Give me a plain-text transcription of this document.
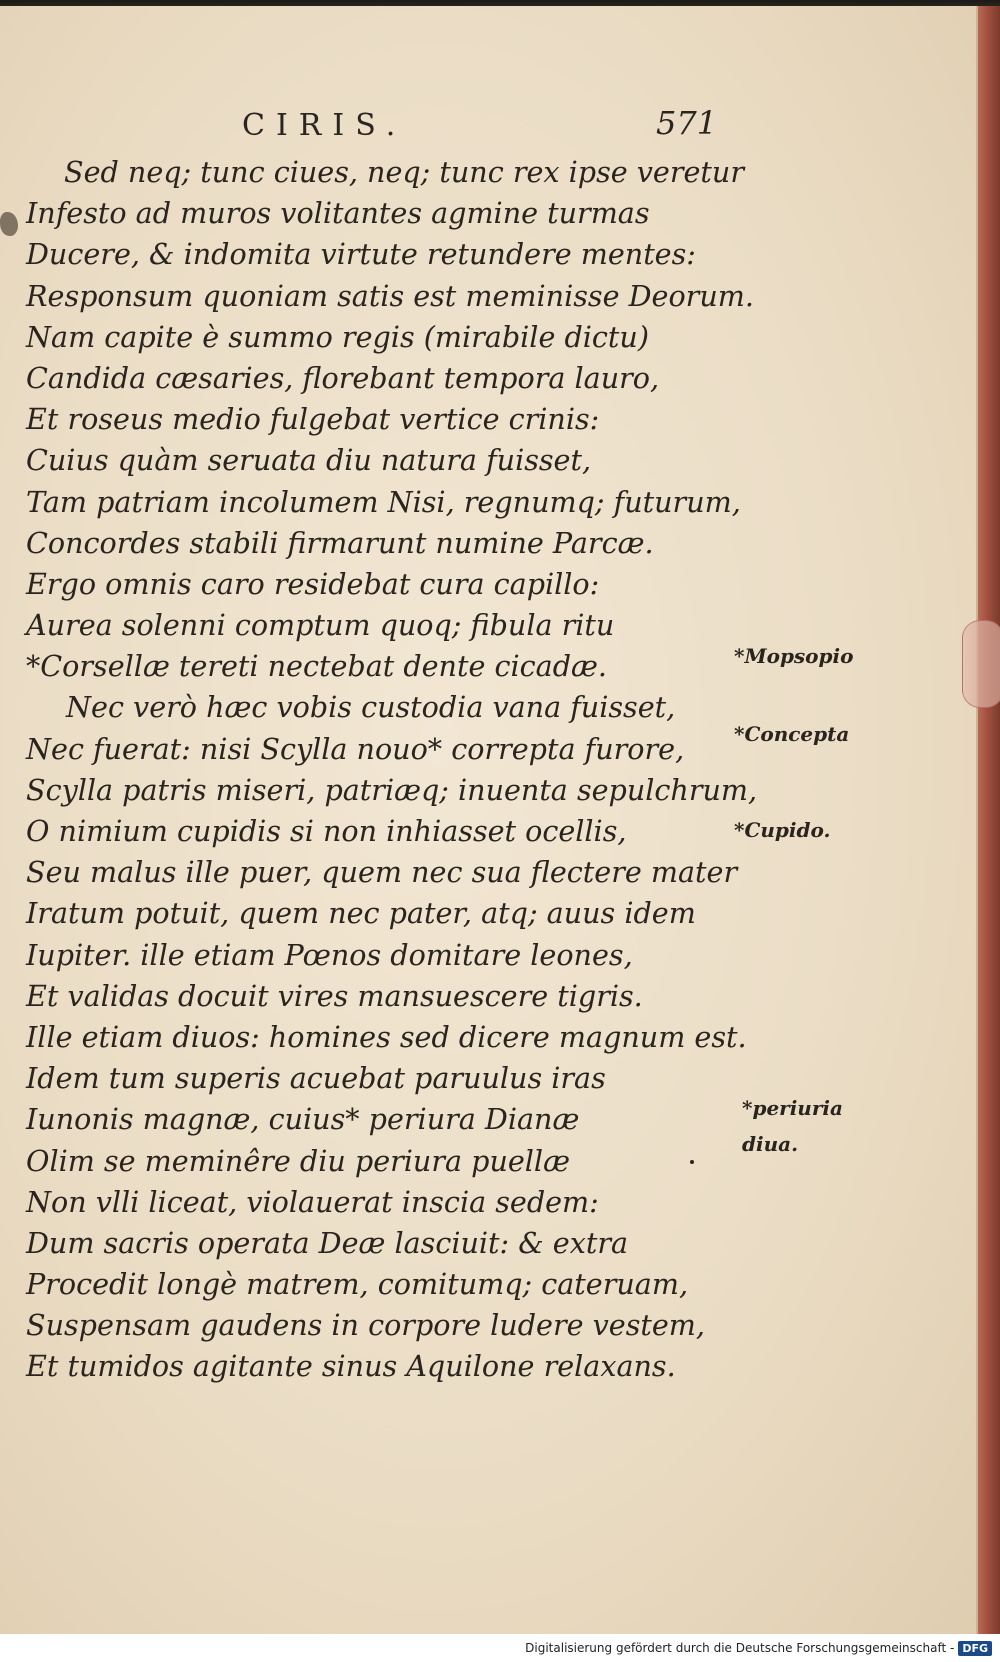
CIRIS.	571
Sed neq; tunc ciues, neq; tunc rex ipse veretur
Infesto ad muros volitantes agmine turmas
Ducere, & indomita virtute retundere mentes:
Responsum quoniam satis est meminisse Deorum.
Nam capite è summo regis (mirabile dictu)
Candida cæsaries, florebant tempora lauro,
Et roseus medio fulgebat vertice crinis:
Cuius quàm seruata diu natura fuisset,
Tam patriam incolumem Nisi, regnumq; futurum,
Concordes stabili firmarunt numine Parcæ.
Ergo omnis caro residebat cura capillo:
Aurea solenni comptum quoq; fibula ritu
*Corsellæ tereti nectebat dente cicadæ.
Nec verò hæc vobis custodia vana fuisset,
Nec fuerat: nisi Scylla nouo* correpta furore,
Scylla patris miseri, patriæq; inuenta sepulchrum,
O nimium cupidis si non inhiasset ocellis,
Seu malus ille puer, quem nec sua flectere mater
Iratum potuit, quem nec pater, atq; auus idem
Iupiter. ille etiam Pœnos domitare leones,
Et validas docuit vires mansuescere tigris.
Ille etiam diuos: homines sed dicere magnum est.
Idem tum superis acuebat paruulus iras
Iunonis magnæ, cuius* periura Dianæ
Olim se meminêre diu periura puellæ
Non vlli liceat, violauerat inscia sedem:
Dum sacris operata Deæ lasciuit: & extra
Procedit longè matrem, comitumq; cateruam,
Suspensam gaudens in corpore ludere vestem,
Et tumidos agitante sinus Aquilone relaxans.
*Mopsopio
*Concepta
*Cupido.
*periuria
diua.
Digitalisierung gefördert durch die Deutsche Forschungsgemeinschaft - DFG
